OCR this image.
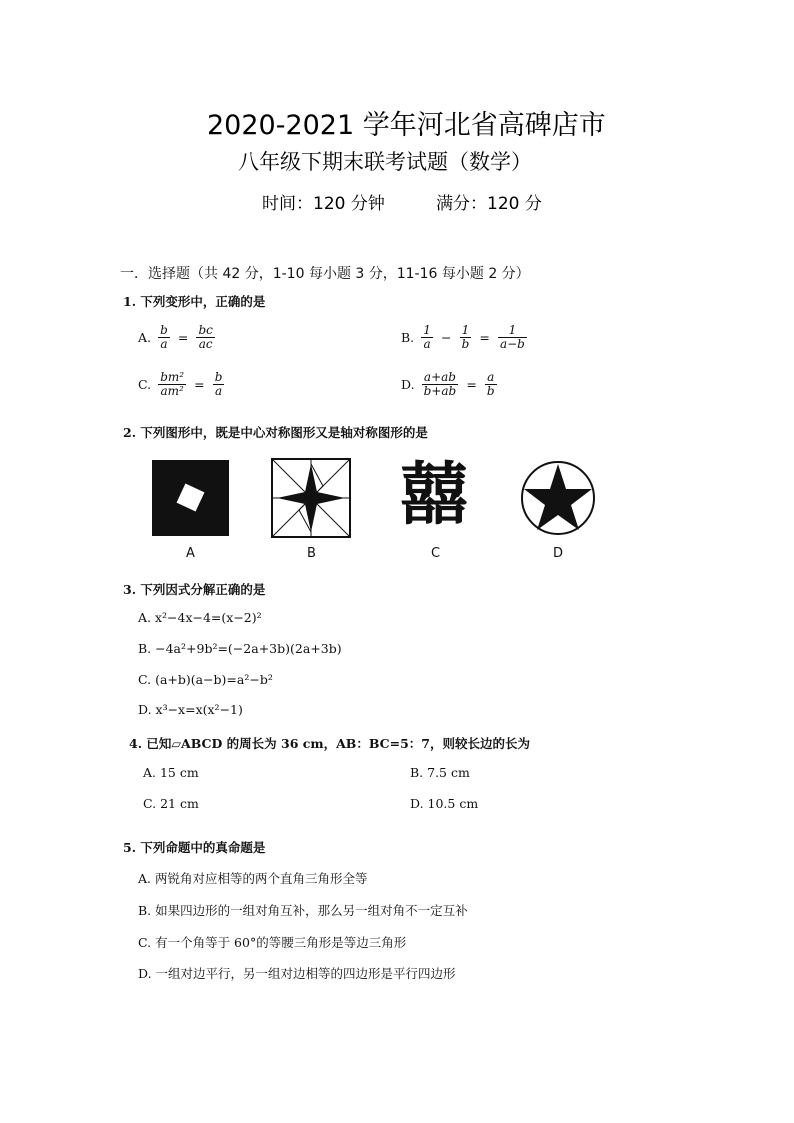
2020-2021 学年河北省高碑店市
八年级下期末联考试题（数学）
时间：120 分钟	满分：120 分
一．选择题（共 42 分，1-10 每小题 3 分，11-16 每小题 2 分）
1. 下列变形中，正确的是
A. $\frac{b}{a} = \frac{bc}{ac}$	B. $\frac{1}{a} - \frac{1}{b} = \frac{1}{a-b}$
C. $\frac{\text{bm²}}{\text{am²}} = \frac{b}{a}$	D. $\frac{a+ab}{b+ab} = \frac{a}{b}$
2. 下列图形中，既是中心对称图形又是轴对称图形的是
A	B
囍
C	D
3. 下列因式分解正确的是
A. x²−4x−4=(x−2)²
B. −4a²+9b²=(−2a+3b)(2a+3b)
C. (a+b)(a−b)=a²−b²
D. x³−x=x(x²−1)
4. 已知▱ABCD 的周长为 36 cm，AB：BC=5：7，则较长边的长为
A. 15 cm	B. 7.5 cm
C. 21 cm	D. 10.5 cm
5. 下列命题中的真命题是
A. 两锐角对应相等的两个直角三角形全等
B. 如果四边形的一组对角互补，那么另一组对角不一定互补
C. 有一个角等于 60°的等腰三角形是等边三角形
D. 一组对边平行，另一组对边相等的四边形是平行四边形
